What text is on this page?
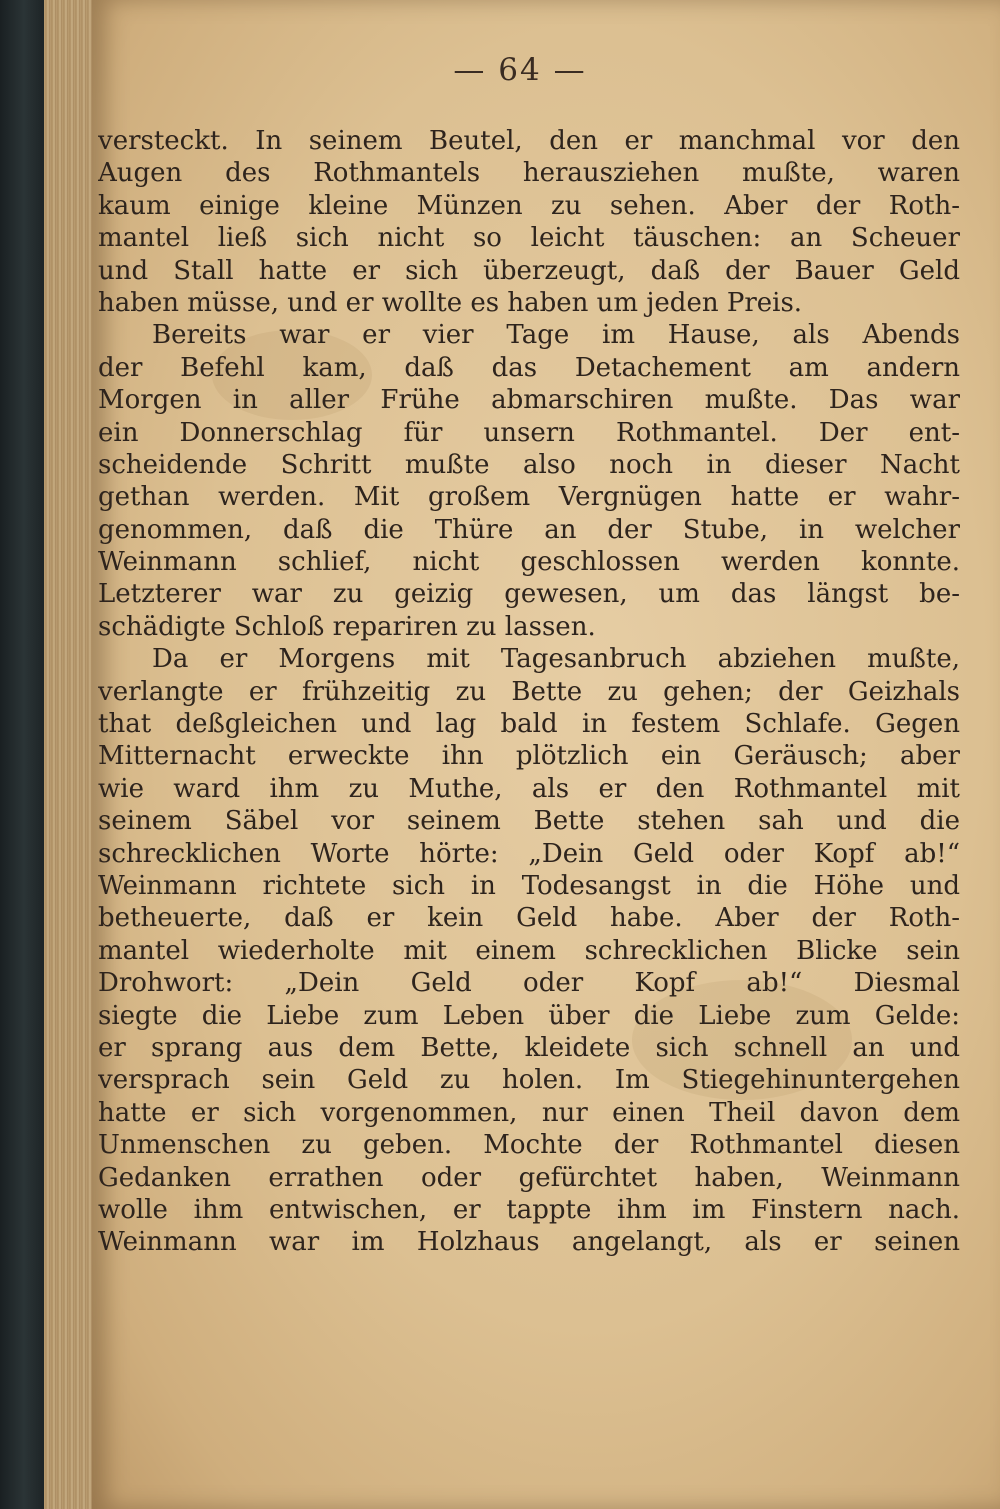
— 64 —
versteckt. In seinem Beutel, den er manchmal vor den
Augen des Rothmantels herausziehen mußte, waren
kaum einige kleine Münzen zu sehen. Aber der Roth-
mantel ließ sich nicht so leicht täuschen: an Scheuer
und Stall hatte er sich überzeugt, daß der Bauer Geld
haben müsse, und er wollte es haben um jeden Preis.
Bereits war er vier Tage im Hause, als Abends
der Befehl kam, daß das Detachement am andern
Morgen in aller Frühe abmarschiren mußte. Das war
ein Donnerschlag für unsern Rothmantel. Der ent-
scheidende Schritt mußte also noch in dieser Nacht
gethan werden. Mit großem Vergnügen hatte er wahr-
genommen, daß die Thüre an der Stube, in welcher
Weinmann schlief, nicht geschlossen werden konnte.
Letzterer war zu geizig gewesen, um das längst be-
schädigte Schloß repariren zu lassen.
Da er Morgens mit Tagesanbruch abziehen mußte,
verlangte er frühzeitig zu Bette zu gehen; der Geizhals
that deßgleichen und lag bald in festem Schlafe. Gegen
Mitternacht erweckte ihn plötzlich ein Geräusch; aber
wie ward ihm zu Muthe, als er den Rothmantel mit
seinem Säbel vor seinem Bette stehen sah und die
schrecklichen Worte hörte: „Dein Geld oder Kopf ab!“
Weinmann richtete sich in Todesangst in die Höhe und
betheuerte, daß er kein Geld habe. Aber der Roth-
mantel wiederholte mit einem schrecklichen Blicke sein
Drohwort: „Dein Geld oder Kopf ab!“ Diesmal
siegte die Liebe zum Leben über die Liebe zum Gelde:
er sprang aus dem Bette, kleidete sich schnell an und
versprach sein Geld zu holen. Im Stiegehinuntergehen
hatte er sich vorgenommen, nur einen Theil davon dem
Unmenschen zu geben. Mochte der Rothmantel diesen
Gedanken errathen oder gefürchtet haben, Weinmann
wolle ihm entwischen, er tappte ihm im Finstern nach.
Weinmann war im Holzhaus angelangt, als er seinen
